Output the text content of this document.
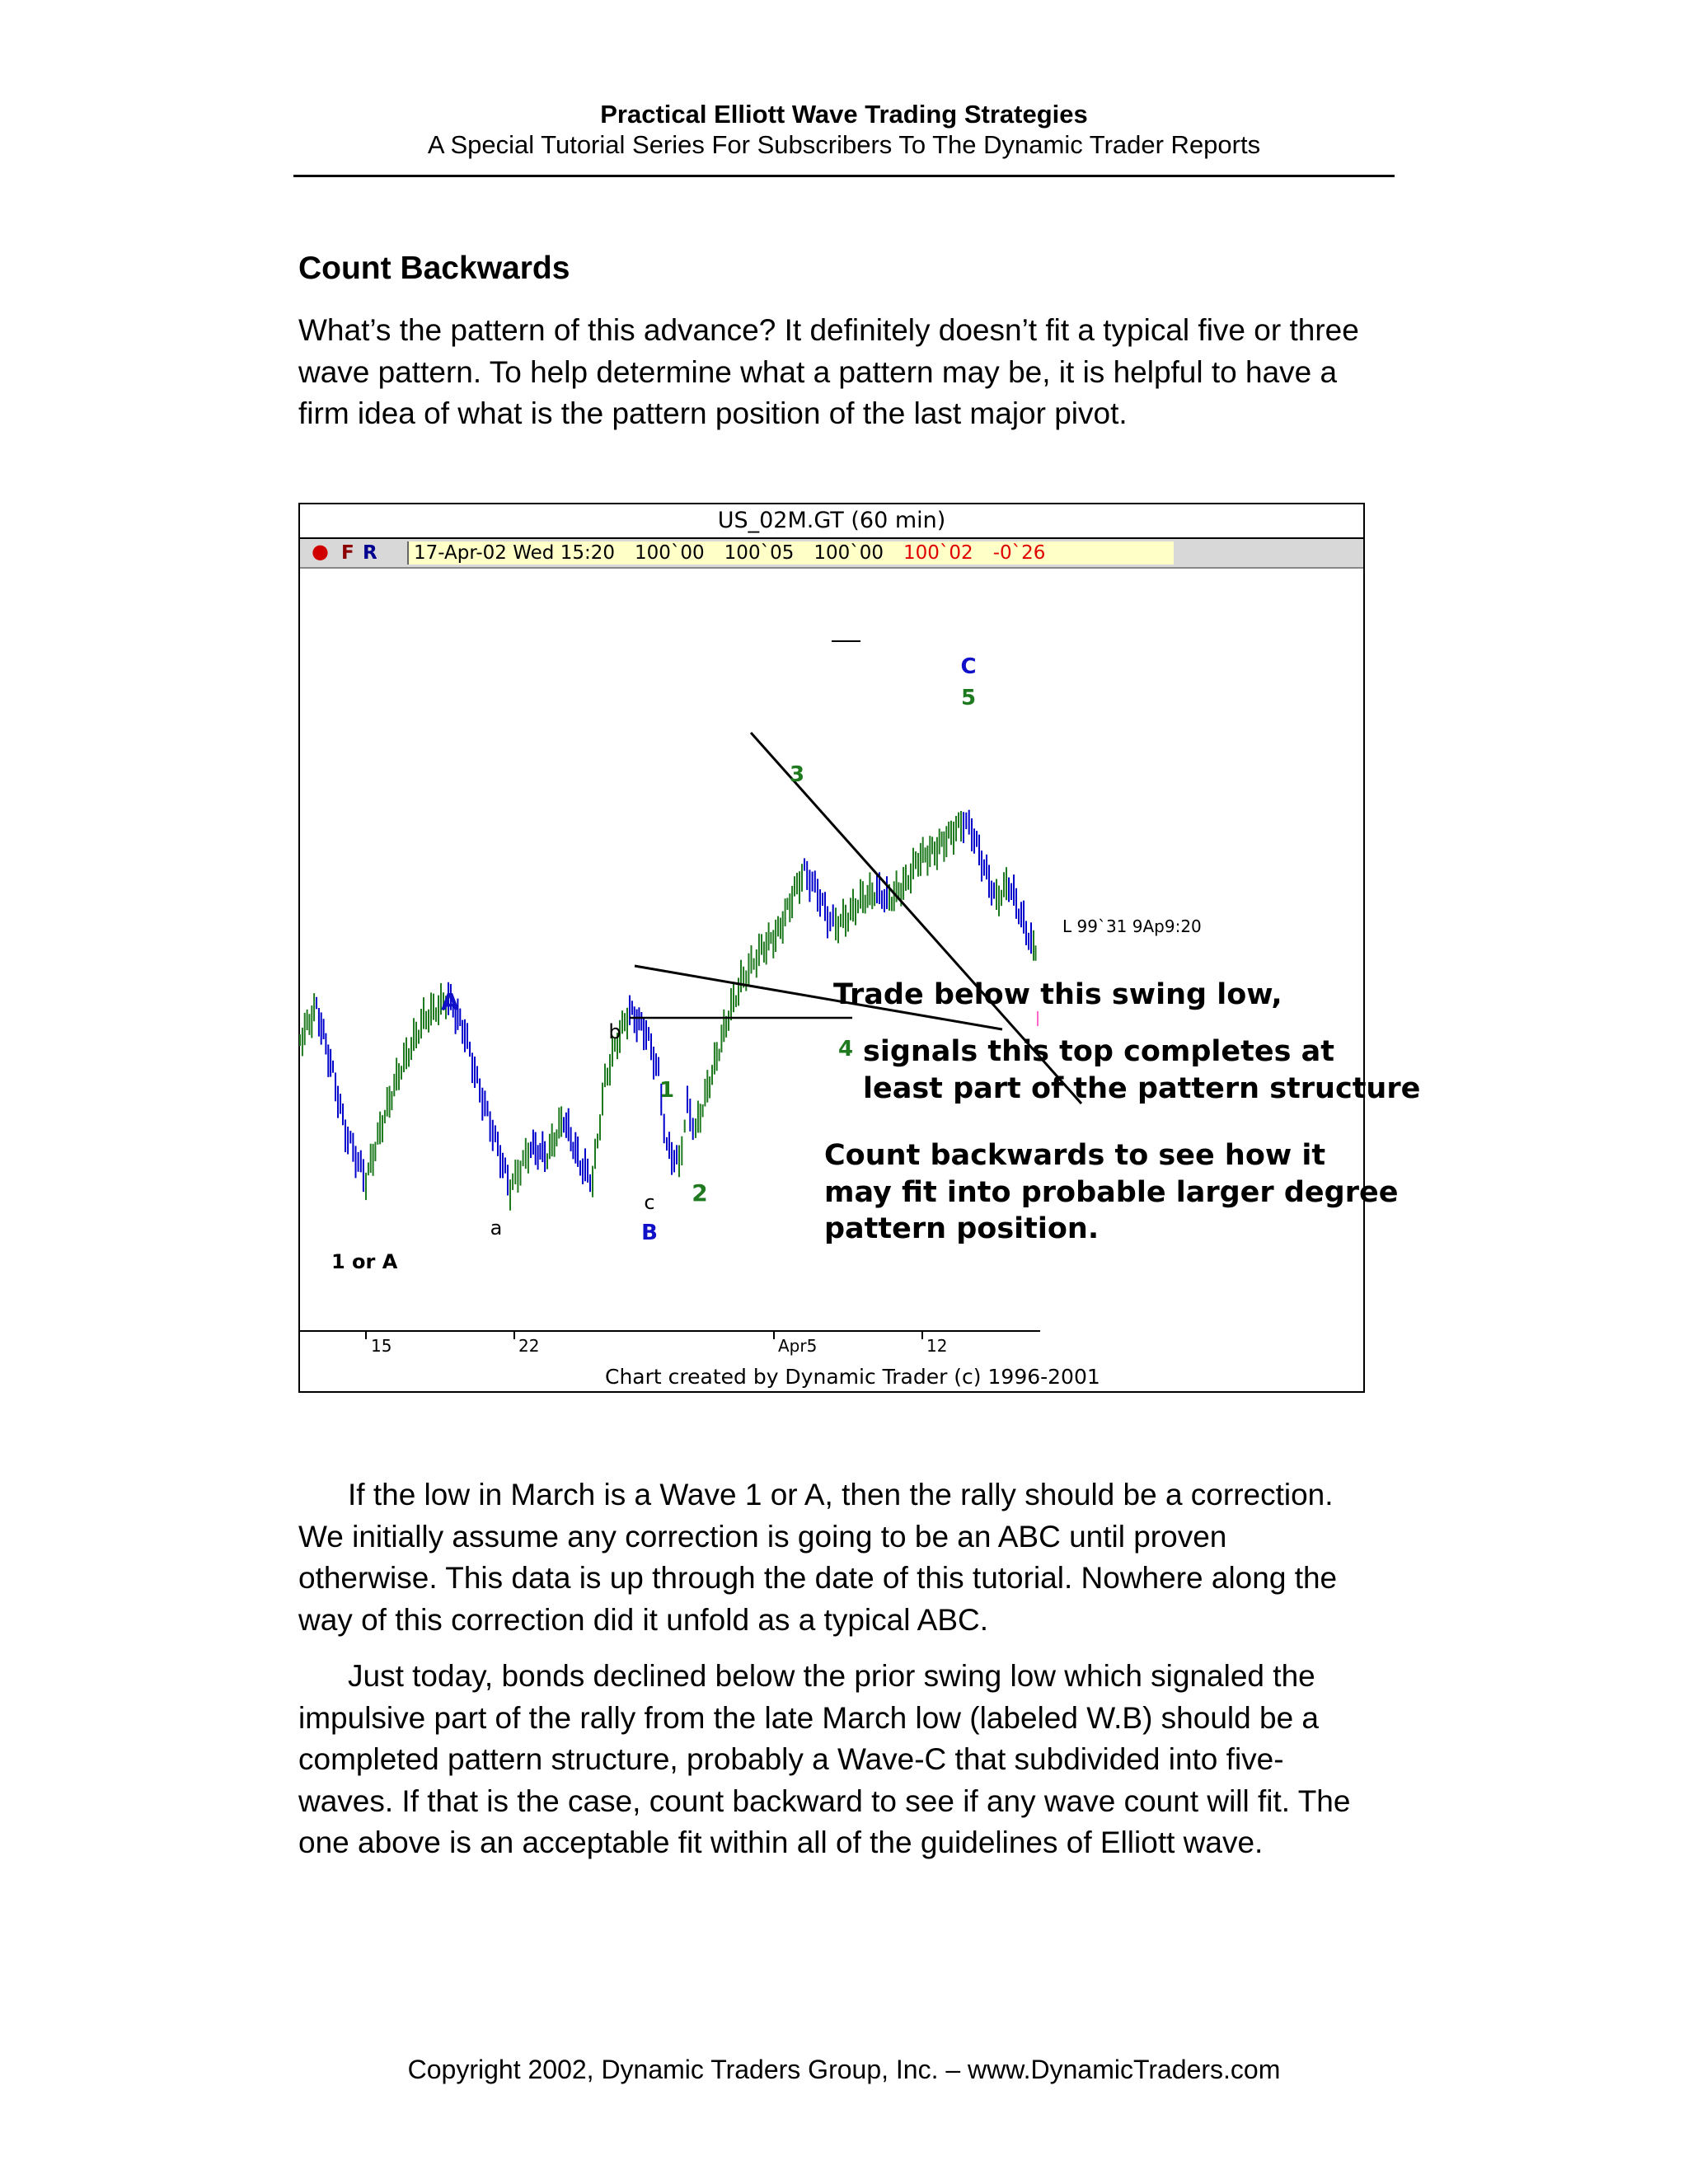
Practical Elliott Wave Trading Strategies
A Special Tutorial Series For Subscribers To The Dynamic Trader Reports
Count Backwards

What’s the pattern of this advance? It definitely doesn’t fit a typical five or three wave pattern. To help determine what a pattern may be, it is helpful to have a firm idea of what is the pattern position of the last major pivot.

US_02M.GT (60 min)
● F R	17-Apr-02 Wed 15:20 100`00 100`05 100`00 100`02 -0`26
C
5
3
4
A
b
1
a
c 2
B
1 or A
L 99`31 9Ap9:20
Trade below this swing low,
signals this top completes at
least part of the pattern structure
Count backwards to see how it
may fit into probable larger degree
pattern position.
15	22	Apr5	12
Chart created by Dynamic Trader (c) 1996-2001

If the low in March is a Wave 1 or A, then the rally should be a correction. We initially assume any correction is going to be an ABC until proven otherwise. This data is up through the date of this tutorial. Nowhere along the way of this correction did it unfold as a typical ABC.

Just today, bonds declined below the prior swing low which signaled the impulsive part of the rally from the late March low (labeled W.B) should be a completed pattern structure, probably a Wave-C that subdivided into five-waves. If that is the case, count backward to see if any wave count will fit. The one above is an acceptable fit within all of the guidelines of Elliott wave.

Copyright 2002, Dynamic Traders Group, Inc. – www.DynamicTraders.com
